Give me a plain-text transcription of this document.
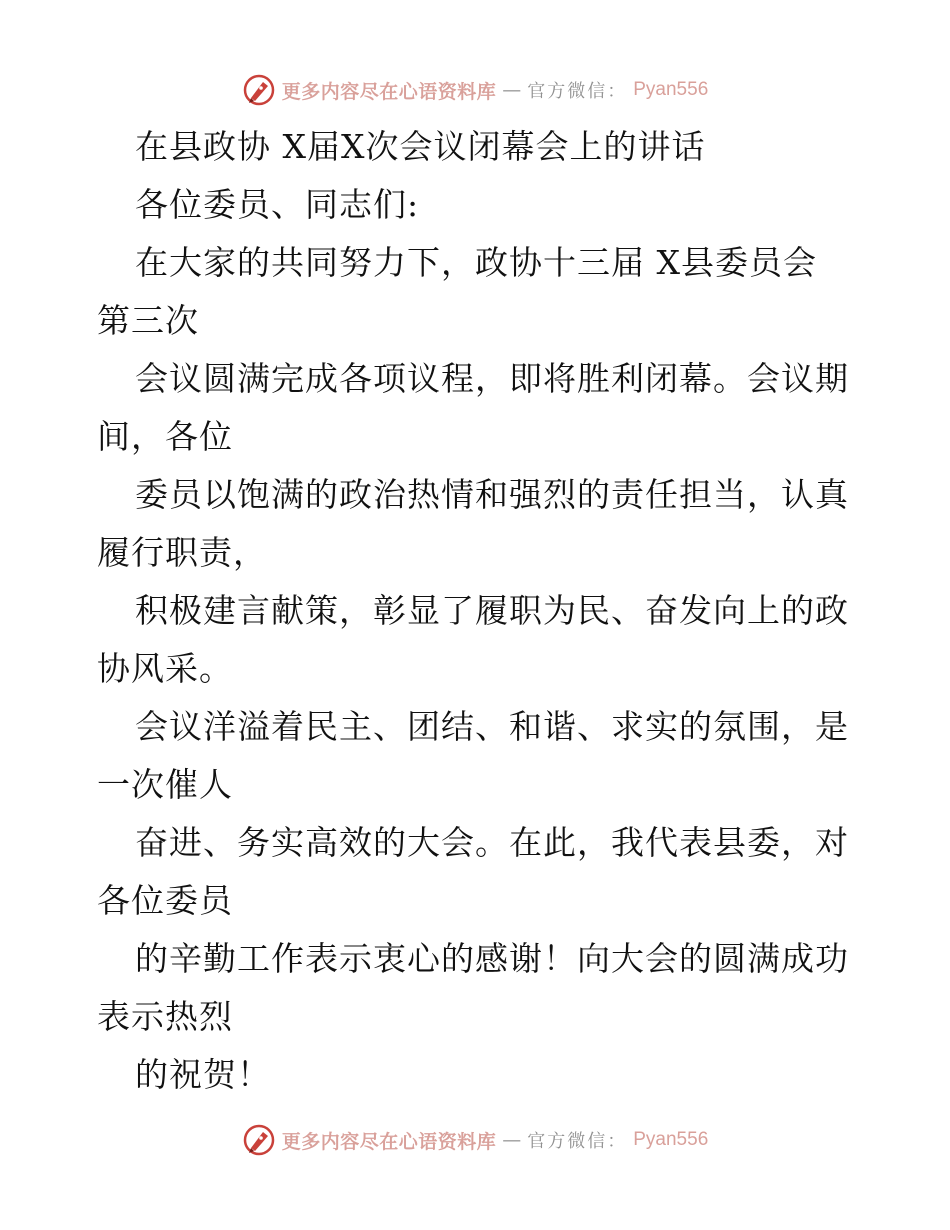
更多内容尽在心语资料库 — 官方微信： Pyan556
在县政协 X届X次会议闭幕会上的讲话
各位委员、同志们:
在大家的共同努力下，政协十三届 X县委员会
第三次
会议圆满完成各项议程，即将胜利闭幕。会议期
间，各位
委员以饱满的政治热情和强烈的责任担当，认真
履行职责，
积极建言献策，彰显了履职为民、奋发向上的政
协风采。
会议洋溢着民主、团结、和谐、求实的氛围，是
一次催人
奋进、务实高效的大会。在此，我代表县委，对
各位委员
的辛勤工作表示衷心的感谢！向大会的圆满成功
表示热烈
的祝贺！
更多内容尽在心语资料库 — 官方微信： Pyan556
